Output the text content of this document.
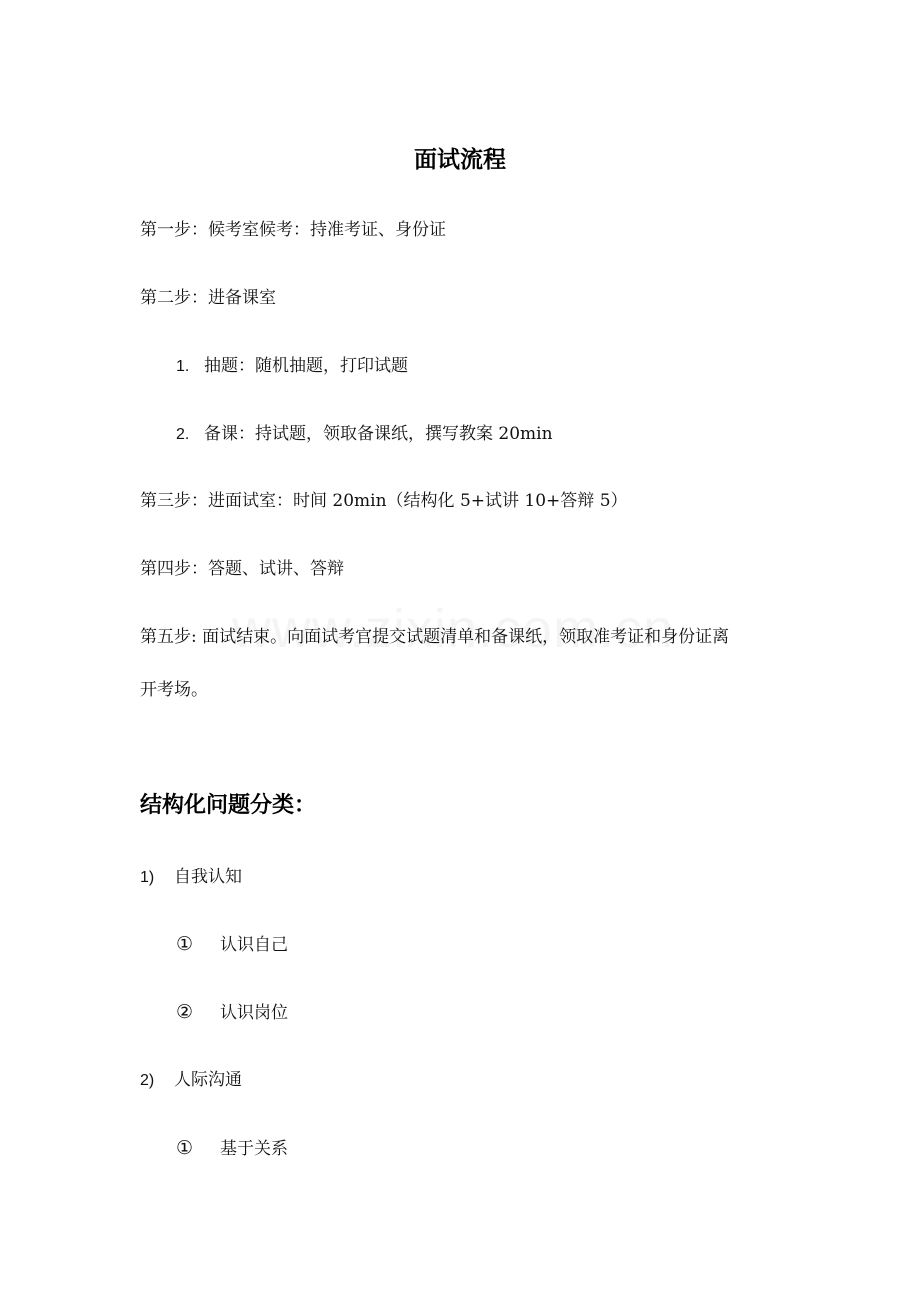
面试流程
第一步：候考室候考：持准考证、身份证
第二步：进备课室
1. 抽题：随机抽题，打印试题
2. 备课：持试题，领取备课纸，撰写教案 20min
第三步：进面试室：时间 20min（结构化 5+试讲 10+答辩 5）
第四步：答题、试讲、答辩
第五步: 面试结束。向面试考官提交试题清单和备课纸，领取准考证和身份证离
开考场。
结构化问题分类：
1) 自我认知
① 认识自己
② 认识岗位
2) 人际沟通
① 基于关系
